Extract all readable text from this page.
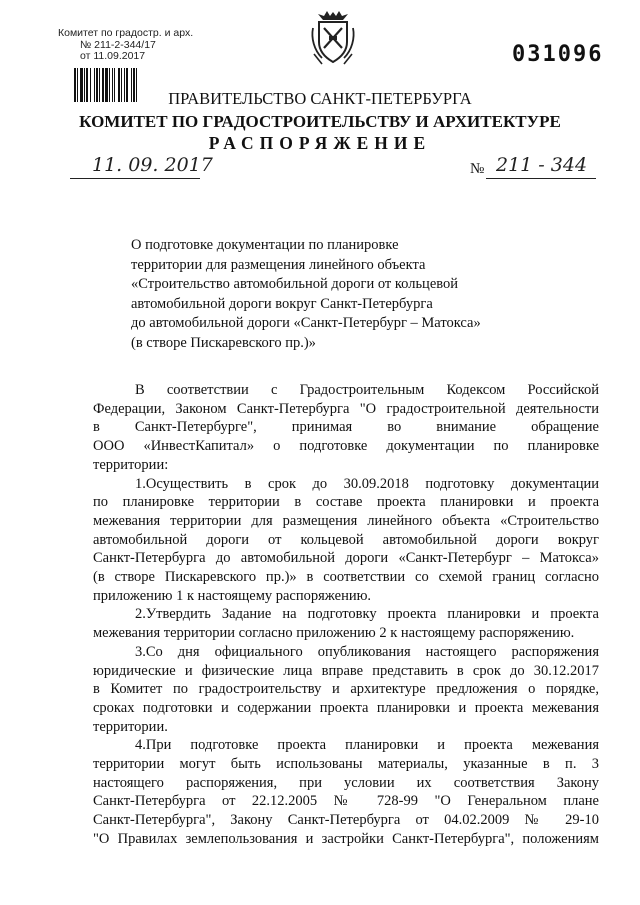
Комитет по градостр. и арх.
№ 211-2-344/17
от 11.09.2017	031096
ПРАВИТЕЛЬСТВО САНКТ-ПЕТЕРБУРГА
КОМИТЕТ ПО ГРАДОСТРОИТЕЛЬСТВУ И АРХИТЕКТУРЕ
РАСПОРЯЖЕНИЕ
11. 09. 2017	№ 211 - 344
О подготовке документации по планировке
территории для размещения линейного объекта
«Строительство автомобильной дороги от кольцевой
автомобильной дороги вокруг Санкт-Петербурга
до автомобильной дороги «Санкт-Петербург – Матокса»
(в створе Пискаревского пр.)»
В соответствии с Градостроительным Кодексом Российской
Федерации, Законом Санкт-Петербурга "О градостроительной деятельности
в Санкт-Петербурге", принимая во внимание обращение
ООО «ИнвестКапитал» о подготовке документации по планировке
территории:
1.Осуществить в срок до 30.09.2018 подготовку документации
по планировке территории в составе проекта планировки и проекта
межевания территории для размещения линейного объекта «Строительство
автомобильной дороги от кольцевой автомобильной дороги вокруг
Санкт-Петербурга до автомобильной дороги «Санкт-Петербург – Матокса»
(в створе Пискаревского пр.)» в соответствии со схемой границ согласно
приложению 1 к настоящему распоряжению.
2.Утвердить Задание на подготовку проекта планировки и проекта
межевания территории согласно приложению 2 к настоящему распоряжению.
3.Со дня официального опубликования настоящего распоряжения
юридические и физические лица вправе представить в срок до 30.12.2017
в Комитет по градостроительству и архитектуре предложения о порядке,
сроках подготовки и содержании проекта планировки и проекта межевания
территории.
4.При подготовке проекта планировки и проекта межевания
территории могут быть использованы материалы, указанные в п. 3
настоящего распоряжения, при условии их соответствия Закону
Санкт-Петербурга от 22.12.2005 № 728-99 "О Генеральном плане
Санкт-Петербурга", Закону Санкт-Петербурга от 04.02.2009 № 29-10
"О Правилах землепользования и застройки Санкт-Петербурга", положениям
